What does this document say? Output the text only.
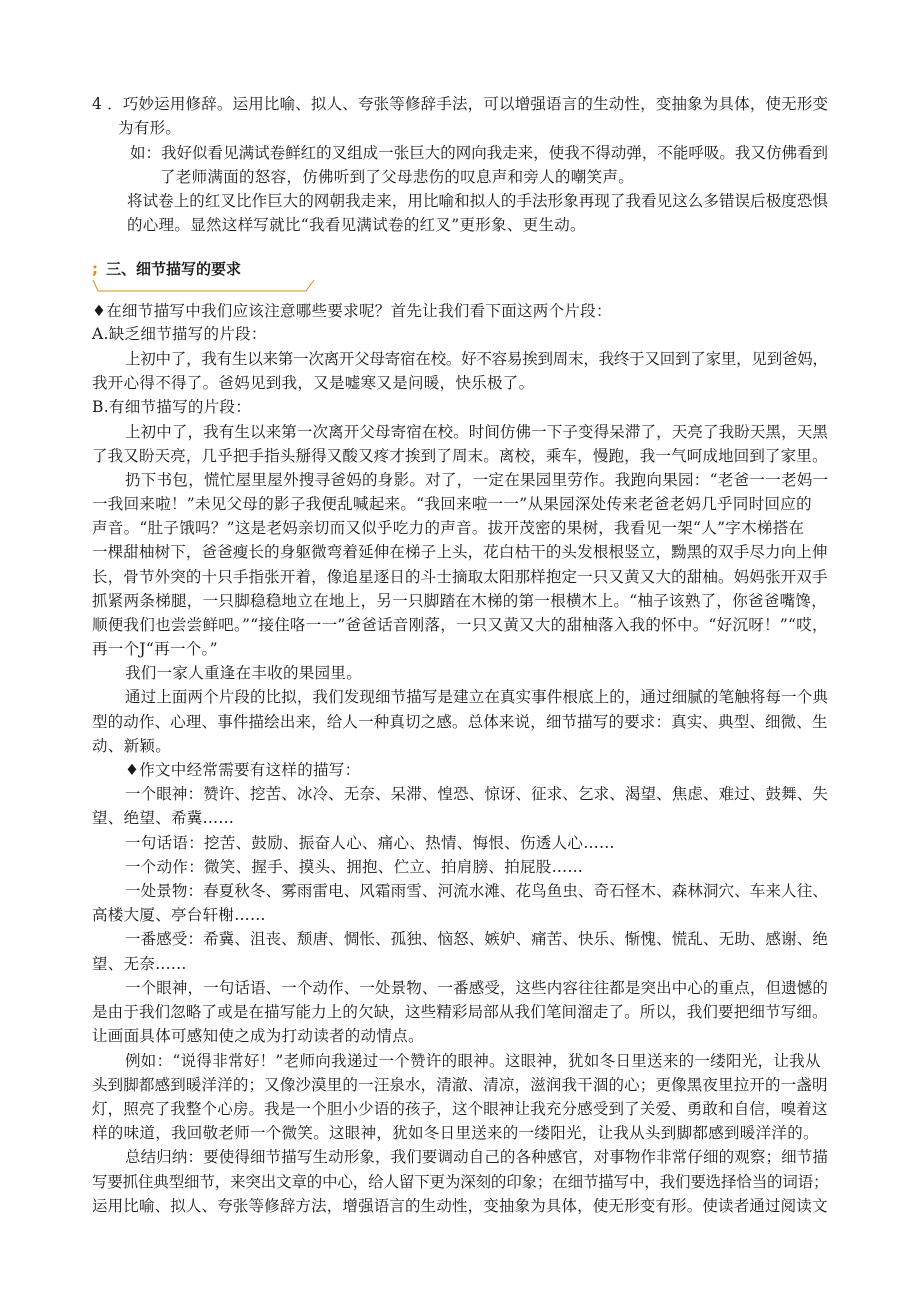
4 ．巧妙运用修辞。运用比喻、拟人、夸张等修辞手法，可以增强语言的生动性，变抽象为具体，使无形变
为有形。
如：我好似看见满试卷鲜红的叉组成一张巨大的网向我走来，使我不得动弹，不能呼吸。我又仿佛看到
了老师满面的怒容，仿佛听到了父母悲伤的叹息声和旁人的嘲笑声。
将试卷上的红叉比作巨大的网朝我走来，用比喻和拟人的手法形象再现了我看见这么多错误后极度恐惧
的心理。显然这样写就比“我看见满试卷的红叉”更形象、更生动。
; 三、细节描写的要求
♦在细节描写中我们应该注意哪些要求呢？首先让我们看下面这两个片段：
A.缺乏细节描写的片段：
上初中了，我有生以来第一次离开父母寄宿在校。好不容易挨到周末，我终于又回到了家里，见到爸妈，
我开心得不得了。爸妈见到我，又是嘘寒又是问暖，快乐极了。
B.有细节描写的片段：
上初中了，我有生以来第一次离开父母寄宿在校。时间仿佛一下子变得呆滞了，天亮了我盼天黑，天黑
了我又盼天亮，几乎把手指头掰得又酸又疼才挨到了周末。离校，乘车，慢跑，我一气呵成地回到了家里。
扔下书包，慌忙屋里屋外搜寻爸妈的身影。对了，一定在果园里劳作。我跑向果园：“老爸一一老妈一
一我回来啦！”未见父母的影子我便乱喊起来。“我回来啦一一”从果园深处传来老爸老妈几乎同时回应的
声音。“肚子饿吗？”这是老妈亲切而又似乎吃力的声音。拔开茂密的果树，我看见一架“人”字木梯搭在
一棵甜柚树下，爸爸瘦长的身躯微弯着延伸在梯子上头，花白枯干的头发根根竖立，黝黑的双手尽力向上伸
长，骨节外突的十只手指张开着，像追星逐日的斗士摘取太阳那样抱定一只又黄又大的甜柚。妈妈张开双手
抓紧两条梯腿，一只脚稳稳地立在地上，另一只脚踏在木梯的第一根横木上。“柚子该熟了，你爸爸嘴馋，
顺便我们也尝尝鲜吧。”“接住咯一一”爸爸话音刚落，一只又黄又大的甜柚落入我的怀中。“好沉呀！”“哎，
再一个J“再一个。”
我们一家人重逢在丰收的果园里。
通过上面两个片段的比拟，我们发现细节描写是建立在真实事件根底上的，通过细腻的笔触将每一个典
型的动作、心理、事件描绘出来，给人一种真切之感。总体来说，细节描写的要求：真实、典型、细微、生
动、新颖。
♦作文中经常需要有这样的描写：
一个眼神：赞许、挖苦、冰冷、无奈、呆滞、惶恐、惊讶、征求、乞求、渴望、焦虑、难过、鼓舞、失
望、绝望、希冀……
一句话语：挖苦、鼓励、振奋人心、痛心、热情、悔恨、伤透人心……
一个动作：微笑、握手、摸头、拥抱、伫立、拍肩膀、拍屁股……
一处景物：春夏秋冬、雾雨雷电、风霜雨雪、河流水滩、花鸟鱼虫、奇石怪木、森林洞穴、车来人往、
高楼大厦、亭台轩榭……
一番感受：希冀、沮丧、颓唐、惆怅、孤独、恼怒、嫉妒、痛苦、快乐、惭愧、慌乱、无助、感谢、绝
望、无奈......
一个眼神，一句话语、一个动作、一处景物、一番感受，这些内容往往都是突出中心的重点，但遗憾的
是由于我们忽略了或是在描写能力上的欠缺，这些精彩局部从我们笔间溜走了。所以，我们要把细节写细。
让画面具体可感知使之成为打动读者的动情点。
例如：“说得非常好！”老师向我递过一个赞许的眼神。这眼神，犹如冬日里送来的一缕阳光，让我从
头到脚都感到暖洋洋的；又像沙漠里的一汪泉水，清澈、清凉，滋润我干涸的心；更像黑夜里拉开的一盏明
灯，照亮了我整个心房。我是一个胆小少语的孩子，这个眼神让我充分感受到了关爱、勇敢和自信，嗅着这
样的味道，我回敬老师一个微笑。这眼神，犹如冬日里送来的一缕阳光，让我从头到脚都感到暖洋洋的。
总结归纳：要使得细节描写生动形象，我们要调动自己的各种感官，对事物作非常仔细的观察；细节描
写要抓住典型细节，来突出文章的中心，给人留下更为深刻的印象；在细节描写中，我们要选择恰当的词语；
运用比喻、拟人、夸张等修辞方法，增强语言的生动性，变抽象为具体，使无形变有形。使读者通过阅读文
